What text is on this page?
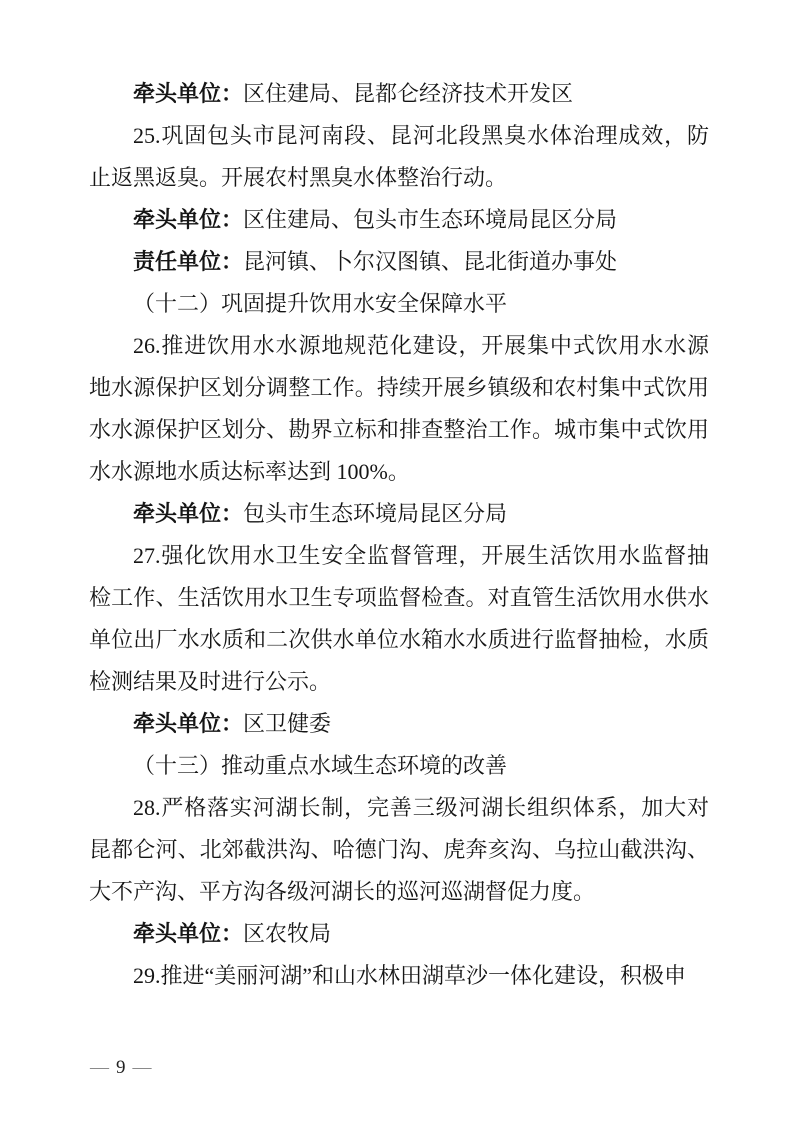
牵头单位：区住建局、昆都仑经济技术开发区

25.巩固包头市昆河南段、昆河北段黑臭水体治理成效，防止返黑返臭。开展农村黑臭水体整治行动。

牵头单位：区住建局、包头市生态环境局昆区分局

责任单位：昆河镇、卜尔汉图镇、昆北街道办事处

（十二）巩固提升饮用水安全保障水平

26.推进饮用水水源地规范化建设，开展集中式饮用水水源地水源保护区划分调整工作。持续开展乡镇级和农村集中式饮用水水源保护区划分、勘界立标和排查整治工作。城市集中式饮用水水源地水质达标率达到 100%。

牵头单位：包头市生态环境局昆区分局

27.强化饮用水卫生安全监督管理，开展生活饮用水监督抽检工作、生活饮用水卫生专项监督检查。对直管生活饮用水供水单位出厂水水质和二次供水单位水箱水水质进行监督抽检，水质检测结果及时进行公示。

牵头单位：区卫健委

（十三）推动重点水域生态环境的改善

28.严格落实河湖长制，完善三级河湖长组织体系，加大对昆都仑河、北郊截洪沟、哈德门沟、虎奔亥沟、乌拉山截洪沟、大不产沟、平方沟各级河湖长的巡河巡湖督促力度。

牵头单位：区农牧局

29.推进“美丽河湖”和山水林田湖草沙一体化建设，积极申

— 9 —
